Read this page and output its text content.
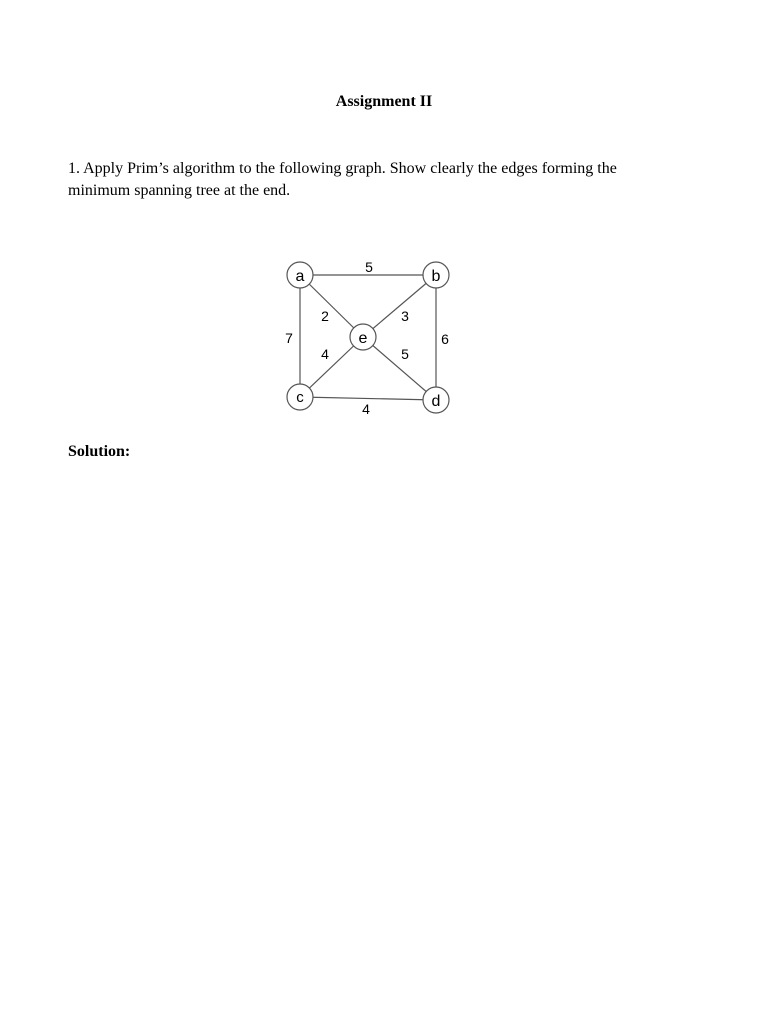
Assignment II
1. Apply Prim’s algorithm to the following graph. Show clearly the edges forming the
minimum spanning tree at the end.
a	b
c	d
e
5
2	3
7
4	5
6
4
Solution:
